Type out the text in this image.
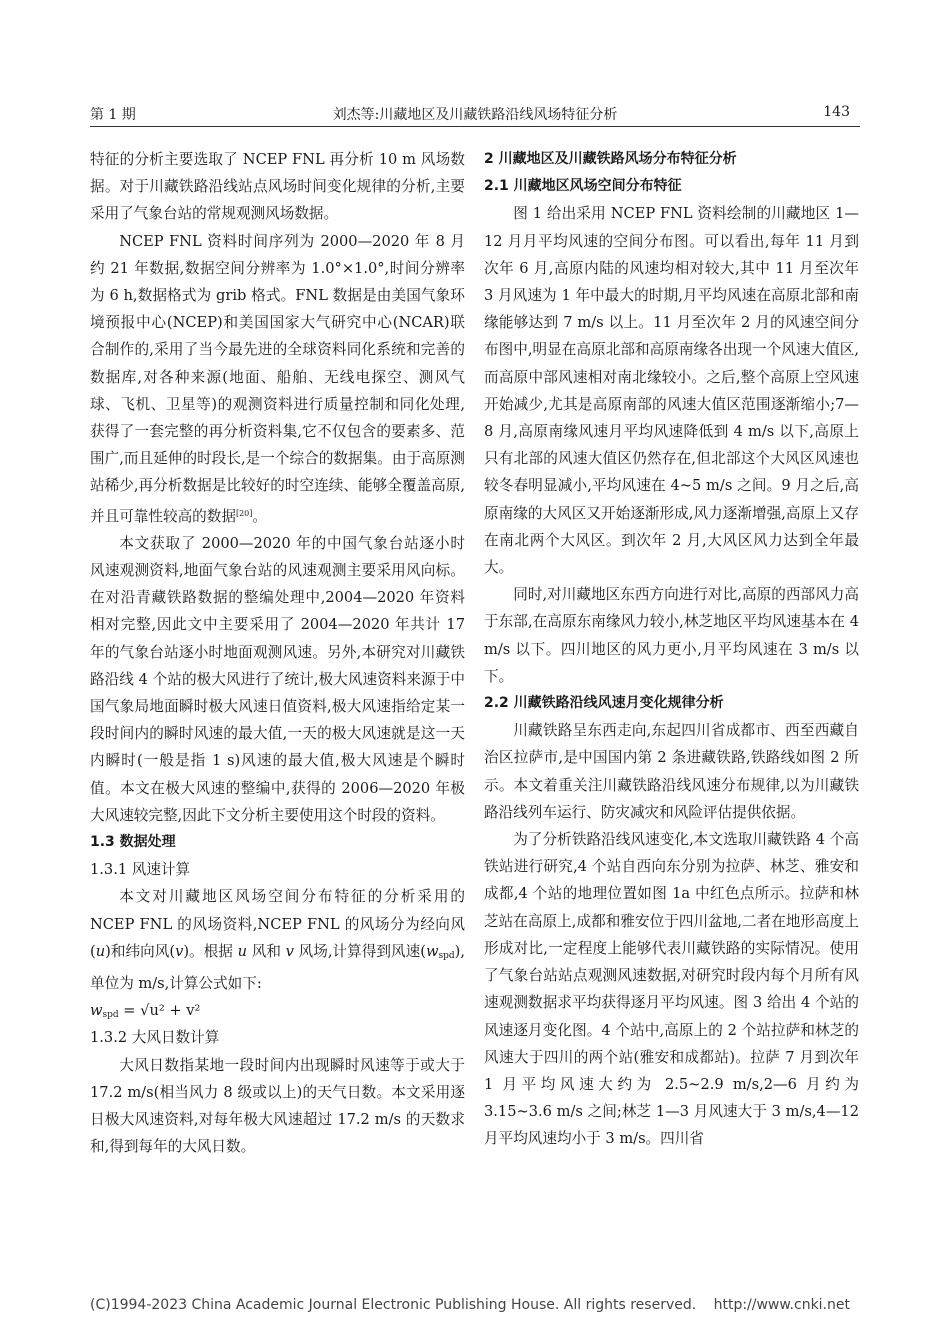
第 1 期	刘杰等:川藏地区及川藏铁路沿线风场特征分析	143

特征的分析主要选取了 NCEP FNL 再分析 10 m 风场数据。对于川藏铁路沿线站点风场时间变化规律的分析,主要采用了气象台站的常规观测风场数据。

NCEP FNL 资料时间序列为 2000—2020 年 8 月约 21 年数据,数据空间分辨率为 1.0°×1.0°,时间分辨率为 6 h,数据格式为 grib 格式。FNL 数据是由美国气象环境预报中心(NCEP)和美国国家大气研究中心(NCAR)联合制作的,采用了当今最先进的全球资料同化系统和完善的数据库,对各种来源(地面、船舶、无线电探空、测风气球、飞机、卫星等)的观测资料进行质量控制和同化处理,获得了一套完整的再分析资料集,它不仅包含的要素多、范围广,而且延伸的时段长,是一个综合的数据集。由于高原测站稀少,再分析数据是比较好的时空连续、能够全覆盖高原,并且可靠性较高的数据[20]。

本文获取了 2000—2020 年的中国气象台站逐小时风速观测资料,地面气象台站的风速观测主要采用风向标。在对沿青藏铁路数据的整编处理中,2004—2020 年资料相对完整,因此文中主要采用了 2004—2020 年共计 17 年的气象台站逐小时地面观测风速。另外,本研究对川藏铁路沿线 4 个站的极大风进行了统计,极大风速资料来源于中国气象局地面瞬时极大风速日值资料,极大风速指给定某一段时间内的瞬时风速的最大值,一天的极大风速就是这一天内瞬时(一般是指 1 s)风速的最大值,极大风速是个瞬时值。本文在极大风速的整编中,获得的 2006—2020 年极大风速较完整,因此下文分析主要使用这个时段的资料。

1.3 数据处理

1.3.1 风速计算

本文对川藏地区风场空间分布特征的分析采用的 NCEP FNL 的风场资料,NCEP FNL 的风场分为经向风(u)和纬向风(v)。根据 u 风和 v 风场,计算得到风速$(w_{spd})$,单位为 m/s,计算公式如下:

$w_{spd} = √u^2 + v^2$

1.3.2 大风日数计算

大风日数指某地一段时间内出现瞬时风速等于或大于 17.2 m/s(相当风力 8 级或以上)的天气日数。本文采用逐日极大风速资料,对每年极大风速超过 17.2 m/s 的天数求和,得到每年的大风日数。

2 川藏地区及川藏铁路风场分布特征分析

2.1 川藏地区风场空间分布特征

图 1 给出采用 NCEP FNL 资料绘制的川藏地区 1—12 月月平均风速的空间分布图。可以看出,每年 11 月到次年 6 月,高原内陆的风速均相对较大,其中 11 月至次年 3 月风速为 1 年中最大的时期,月平均风速在高原北部和南缘能够达到 7 m/s 以上。11 月至次年 2 月的风速空间分布图中,明显在高原北部和高原南缘各出现一个风速大值区,而高原中部风速相对南北缘较小。之后,整个高原上空风速开始减少,尤其是高原南部的风速大值区范围逐渐缩小;7—8 月,高原南缘风速月平均风速降低到 4 m/s 以下,高原上只有北部的风速大值区仍然存在,但北部这个大风区风速也较冬春明显减小,平均风速在 4~5 m/s 之间。9 月之后,高原南缘的大风区又开始逐渐形成,风力逐渐增强,高原上又存在南北两个大风区。到次年 2 月,大风区风力达到全年最大。

同时,对川藏地区东西方向进行对比,高原的西部风力高于东部,在高原东南缘风力较小,林芝地区平均风速基本在 4 m/s 以下。四川地区的风力更小,月平均风速在 3 m/s 以下。

2.2 川藏铁路沿线风速月变化规律分析

川藏铁路呈东西走向,东起四川省成都市、西至西藏自治区拉萨市,是中国国内第 2 条进藏铁路,铁路线如图 2 所示。本文着重关注川藏铁路沿线风速分布规律,以为川藏铁路沿线列车运行、防灾减灾和风险评估提供依据。

为了分析铁路沿线风速变化,本文选取川藏铁路 4 个高铁站进行研究,4 个站自西向东分别为拉萨、林芝、雅安和成都,4 个站的地理位置如图 1a 中红色点所示。拉萨和林芝站在高原上,成都和雅安位于四川盆地,二者在地形高度上形成对比,一定程度上能够代表川藏铁路的实际情况。使用了气象台站站点观测风速数据,对研究时段内每个月所有风速观测数据求平均获得逐月平均风速。图 3 给出 4 个站的风速逐月变化图。4 个站中,高原上的 2 个站拉萨和林芝的风速大于四川的两个站(雅安和成都站)。拉萨 7 月到次年 1 月平均风速大约为 2.5~2.9 m/s,2—6 月约为 3.15~3.6 m/s 之间;林芝 1—3 月风速大于 3 m/s,4—12 月平均风速均小于 3 m/s。四川省

(C)1994-2023 China Academic Journal Electronic Publishing House. All rights reserved. http://www.cnki.net
